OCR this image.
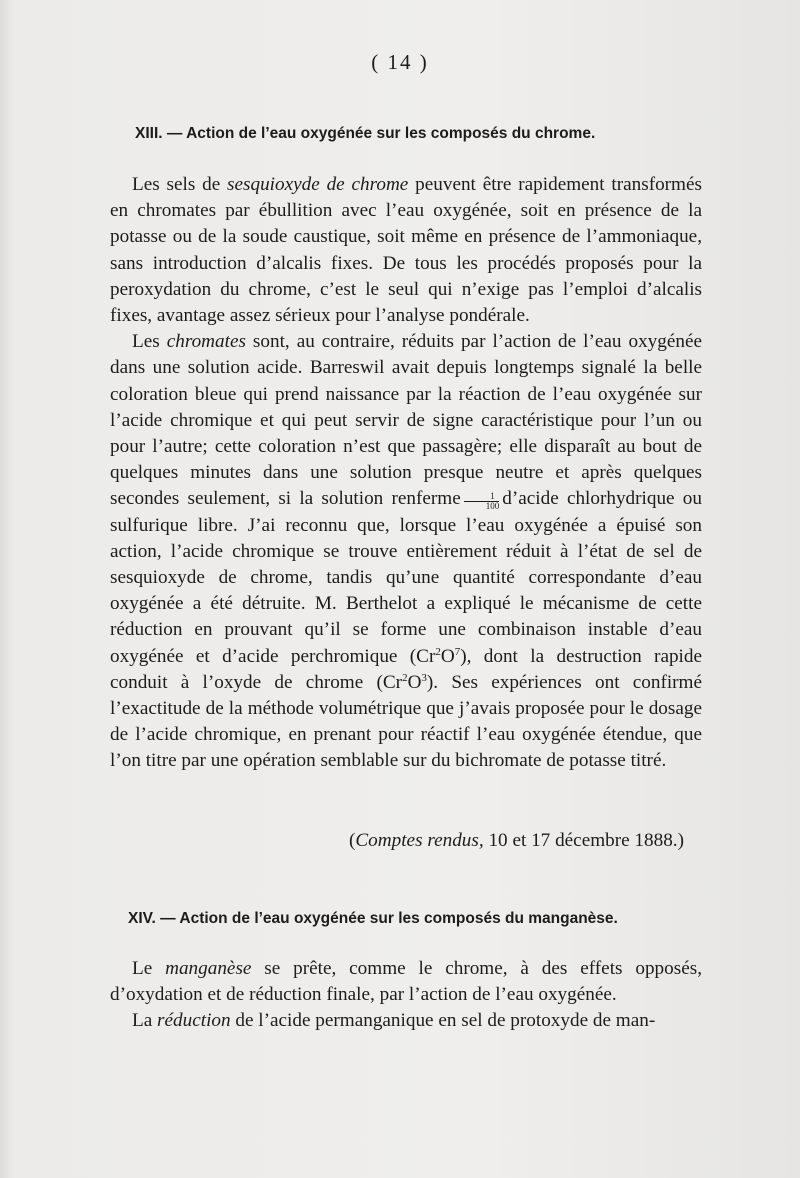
( 14 )
XIII. — Action de l’eau oxygénée sur les composés du chrome.

Les sels de sesquioxyde de chrome peuvent être rapidement transformés en chromates par ébullition avec l’eau oxygénée, soit en présence de la potasse ou de la soude caustique, soit même en présence de l’ammoniaque, sans introduction d’alcalis fixes. De tous les procédés proposés pour la peroxydation du chrome, c’est le seul qui n’exige pas l’emploi d’alcalis fixes, avantage assez sérieux pour l’analyse pondérale.

Les chromates sont, au contraire, réduits par l’action de l’eau oxygénée dans une solution acide. Barreswil avait depuis longtemps signalé la belle coloration bleue qui prend naissance par la réaction de l’eau oxygénée sur l’acide chromique et qui peut servir de signe caractéristique pour l’un ou pour l’autre; cette coloration n’est que passagère; elle disparaît au bout de quelques minutes dans une solution presque neutre et après quelques secondes seulement, si la solution renferme $\frac{1}{100}$ d’acide chlorhydrique ou sulfurique libre. J’ai reconnu que, lorsque l’eau oxygénée a épuisé son action, l’acide chromique se trouve entièrement réduit à l’état de sel de sesquioxyde de chrome, tandis qu’une quantité correspondante d’eau oxygénée a été détruite. M. Berthelot a expliqué le mécanisme de cette réduction en prouvant qu’il se forme une combinaison instable d’eau oxygénée et d’acide perchromique $(Cr^2O^7)$, dont la destruction rapide conduit à l’oxyde de chrome $(Cr^2O^3)$. Ses expériences ont confirmé l’exactitude de la méthode volumétrique que j’avais proposée pour le dosage de l’acide chromique, en prenant pour réactif l’eau oxygénée étendue, que l’on titre par une opération semblable sur du bichromate de potasse titré.

(Comptes rendus, 10 et 17 décembre 1888.)
XIV. — Action de l’eau oxygénée sur les composés du manganèse.

Le manganèse se prête, comme le chrome, à des effets opposés, d’oxydation et de réduction finale, par l’action de l’eau oxygénée.

La réduction de l’acide permanganique en sel de protoxyde de man-
